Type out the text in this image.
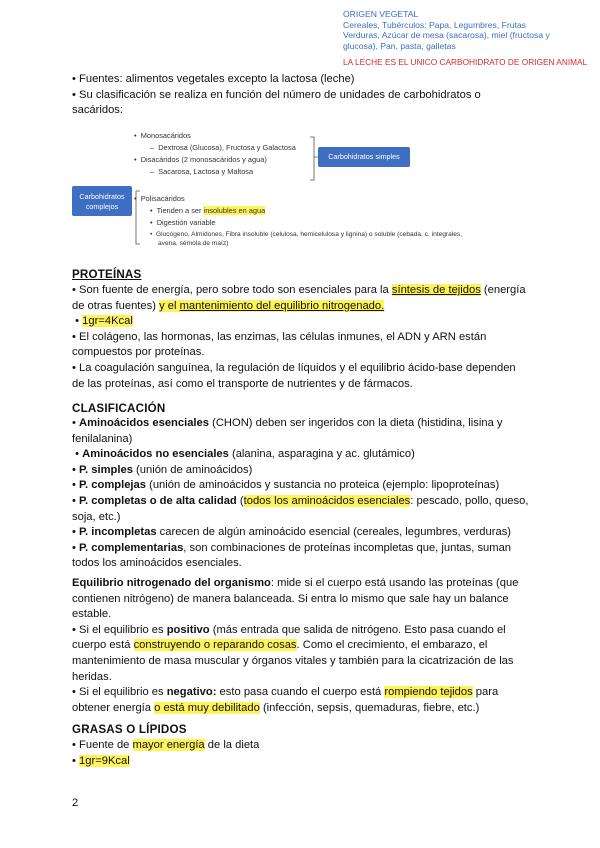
ORIGEN VEGETAL
Cereales, Tubérculos: Papa, Legumbres, Frutas
Verduras, Azúcar de mesa (sacarosa), miel (fructosa y
glucosa), Pan, pasta, galletas
LA LECHE ES EL UNICO CARBOHIDRATO DE ORIGEN ANIMAL
• Fuentes: alimentos vegetales excepto la lactosa (leche)
• Su clasificación se realiza en función del número de unidades de carbohidratos o
sacáridos:
Carbohidratos
complejos
Carbohidratos simples
•  Monosacáridos
–  Dextrosa (Glucosa), Fructosa y Galactosa
•  Disacáridos (2 monosacáridos y agua)
–  Sacarosa, Lactosa y Maltosa
•  Polisacáridos
•  Tienden a ser insolubles en agua
•  Digestión variable
•  Glucógeno, Almidones, Fibra insoluble (celulosa, hemicelulosa y lignina) o soluble (cebada, c. integrales,
avena, sémola de maíz)
PROTEÍNAS
• Son fuente de energía, pero sobre todo son esenciales para la síntesis de tejidos (energía
de otras fuentes) y el mantenimiento del equilibrio nitrogenado.
• 1gr=4Kcal
• El colágeno, las hormonas, las enzimas, las células inmunes, el ADN y ARN están
compuestos por proteínas.
• La coagulación sanguínea, la regulación de líquidos y el equilibrio ácido-base dependen
de las proteínas, así como el transporte de nutrientes y de fármacos.
CLASIFICACIÓN
• Aminoácidos esenciales (CHON) deben ser ingeridos con la dieta (histidina, lisina y
fenilalanina)
• Aminoácidos no esenciales (alanina, asparagina y ac. glutámico)
• P. simples (unión de aminoácidos)
• P. complejas (unión de aminoácidos y sustancia no proteica (ejemplo: lipoproteínas)
• P. completas o de alta calidad (todos los aminoácidos esenciales: pescado, pollo, queso,
soja, etc.)
• P. incompletas carecen de algún aminoácido esencial (cereales, legumbres, verduras)
• P. complementarias, son combinaciones de proteínas incompletas que, juntas, suman
todos los aminoácidos esenciales.
Equilibrio nitrogenado del organismo: mide si el cuerpo está usando las proteínas (que
contienen nitrógeno) de manera balanceada. Si entra lo mismo que sale hay un balance
estable.
• Si el equilibrio es positivo (más entrada que salida de nitrógeno. Esto pasa cuando el
cuerpo está construyendo o reparando cosas. Como el crecimiento, el embarazo, el
mantenimiento de masa muscular y órganos vitales y también para la cicatrización de las
heridas.
• Si el equilibrio es negativo: esto pasa cuando el cuerpo está rompiendo tejidos para
obtener energía o está muy debilitado (infección, sepsis, quemaduras, fiebre, etc.)
GRASAS O LÍPIDOS
• Fuente de mayor energía de la dieta
• 1gr=9Kcal
2
